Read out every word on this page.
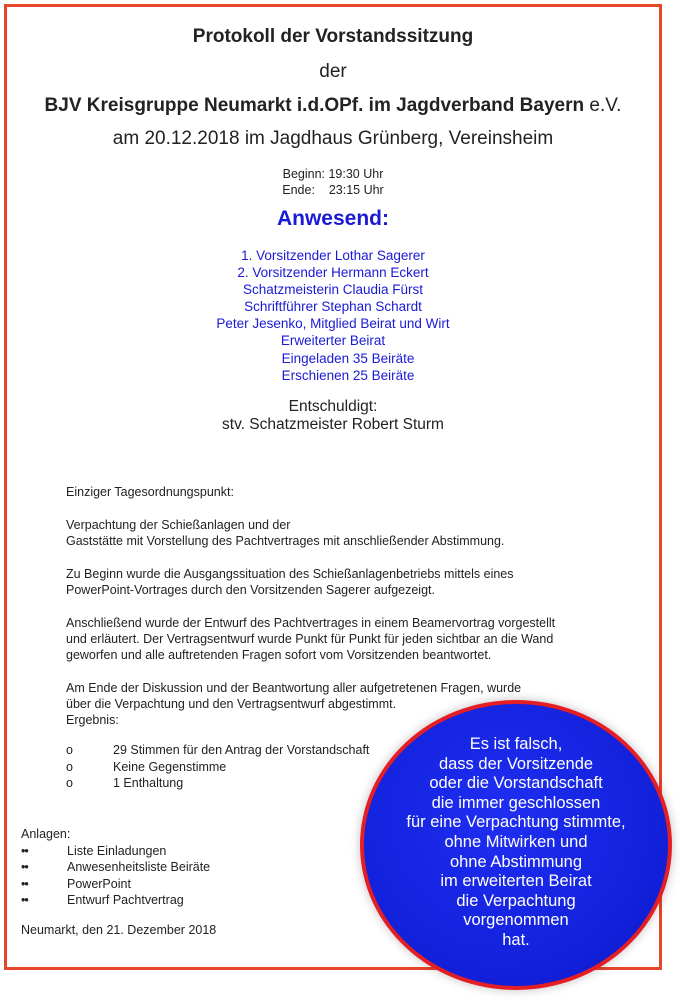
Protokoll der Vorstandssitzung
der
BJV Kreisgruppe Neumarkt i.d.OPf. im Jagdverband Bayern e.V.
am 20.12.2018 im Jagdhaus Grünberg, Vereinsheim
Beginn: 19:30 Uhr
Ende:    23:15 Uhr
Anwesend:
1. Vorsitzender Lothar Sagerer
2. Vorsitzender Hermann Eckert
Schatzmeisterin Claudia Fürst
Schriftführer Stephan Schardt
Peter Jesenko, Mitglied Beirat und Wirt
Erweiterter Beirat
Eingeladen 35 Beiräte
Erschienen 25 Beiräte
Entschuldigt:
stv. Schatzmeister Robert Sturm
Einziger Tagesordnungspunkt:
Verpachtung der Schießanlagen und der
Gaststätte mit Vorstellung des Pachtvertrages mit anschließender Abstimmung.
Zu Beginn wurde die Ausgangssituation des Schießanlagenbetriebs mittels eines
PowerPoint-Vortrages durch den Vorsitzenden Sagerer aufgezeigt.
Anschließend wurde der Entwurf des Pachtvertrages in einem Beamervortrag vorgestellt
und erläutert. Der Vertragsentwurf wurde Punkt für Punkt für jeden sichtbar an die Wand
geworfen und alle auftretenden Fragen sofort vom Vorsitzenden beantwortet.
Am Ende der Diskussion und der Beantwortung aller aufgetretenen Fragen, wurde
über die Verpachtung und den Vertragsentwurf abgestimmt.
Ergebnis:
o	29 Stimmen für den Antrag der Vorstandschaft
o	Keine Gegenstimme
o	1 Enthaltung
Anlagen:
••	Liste Einladungen
••	Anwesenheitsliste Beiräte
••	PowerPoint
••	Entwurf Pachtvertrag
Neumarkt, den 21. Dezember 2018
Es ist falsch,
dass der Vorsitzende
oder die Vorstandschaft
die immer geschlossen
für eine Verpachtung stimmte,
ohne Mitwirken und
ohne Abstimmung
im erweiterten Beirat
die Verpachtung
vorgenommen
hat.
